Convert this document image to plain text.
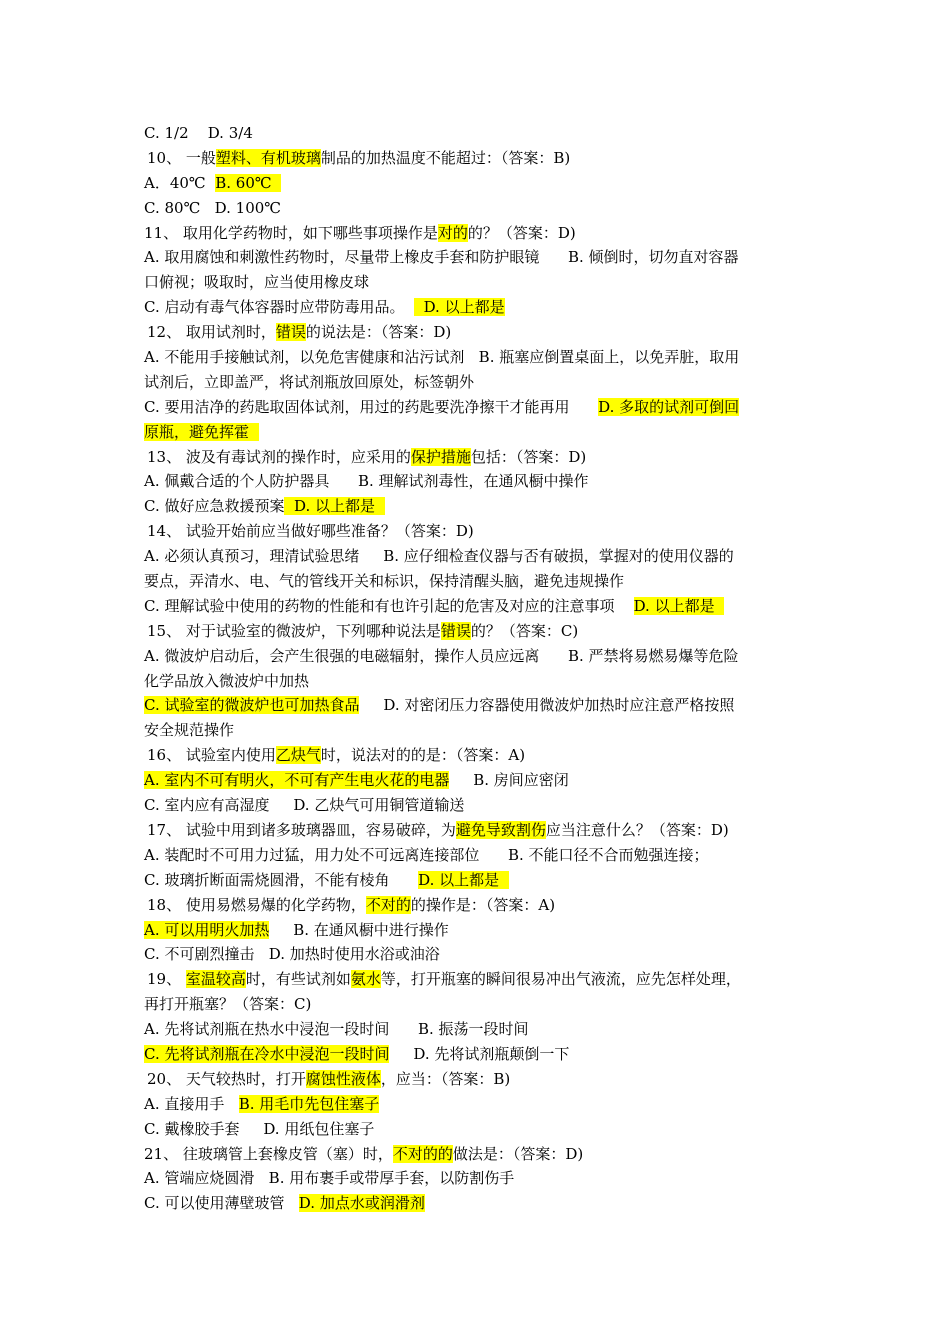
C. 1/2    D. 3/4
10、 一般塑料、有机玻璃制品的加热温度不能超过：（答案：B)
A．40℃  B. 60℃
C. 80℃   D. 100℃
11、 取用化学药物时，如下哪些事项操作是对的的？（答案：D)
A. 取用腐蚀和刺激性药物时，尽量带上橡皮手套和防护眼镜      B. 倾倒时，切勿直对容器
口俯视；吸取时，应当使用橡皮球
C. 启动有毒气体容器时应带防毒用品。    D. 以上都是
12、 取用试剂时，错误的说法是：（答案：D)
A. 不能用手接触试剂，以免危害健康和沾污试剂   B. 瓶塞应倒置桌面上，以免弄脏，取用
试剂后，立即盖严，将试剂瓶放回原处，标签朝外
C. 要用洁净的药匙取固体试剂，用过的药匙要洗净擦干才能再用      D. 多取的试剂可倒回
原瓶，避免挥霍
13、 波及有毒试剂的操作时，应采用的保护措施包括：（答案：D)
A. 佩戴合适的个人防护器具      B. 理解试剂毒性，在通风橱中操作
C. 做好应急救援预案  D. 以上都是
14、 试验开始前应当做好哪些准备？（答案：D)
A. 必须认真预习，理清试验思绪     B. 应仔细检查仪器与否有破损，掌握对的使用仪器的
要点，弄清水、电、气的管线开关和标识，保持清醒头脑，避免违规操作
C. 理解试验中使用的药物的性能和有也许引起的危害及对应的注意事项    D. 以上都是
15、 对于试验室的微波炉，下列哪种说法是错误的？（答案：C)
A. 微波炉启动后，会产生很强的电磁辐射，操作人员应远离      B. 严禁将易燃易爆等危险
化学品放入微波炉中加热
C. 试验室的微波炉也可加热食品     D. 对密闭压力容器使用微波炉加热时应注意严格按照
安全规范操作
16、 试验室内使用乙炔气时，说法对的的是：（答案：A)
A. 室内不可有明火，不可有产生电火花的电器     B. 房间应密闭
C. 室内应有高湿度     D. 乙炔气可用铜管道输送
17、 试验中用到诸多玻璃器皿，容易破碎，为避免导致割伤应当注意什么？（答案：D)
A. 装配时不可用力过猛，用力处不可远离连接部位      B. 不能口径不合而勉强连接；
C. 玻璃折断面需烧圆滑，不能有棱角      D. 以上都是
18、 使用易燃易爆的化学药物，不对的的操作是：（答案：A)
A. 可以用明火加热     B. 在通风橱中进行操作
C. 不可剧烈撞击   D. 加热时使用水浴或油浴
19、 室温较高时，有些试剂如氨水等，打开瓶塞的瞬间很易冲出气液流，应先怎样处理，
再打开瓶塞？（答案：C)
A. 先将试剂瓶在热水中浸泡一段时间      B. 振荡一段时间
C. 先将试剂瓶在冷水中浸泡一段时间     D. 先将试剂瓶颠倒一下
20、 天气较热时，打开腐蚀性液体，应当：（答案：B)
A. 直接用手   B. 用毛巾先包住塞子
C. 戴橡胶手套     D. 用纸包住塞子
21、 往玻璃管上套橡皮管（塞）时，不对的的做法是：（答案：D)
A. 管端应烧圆滑   B. 用布裹手或带厚手套，以防割伤手
C. 可以使用薄壁玻管   D. 加点水或润滑剂
